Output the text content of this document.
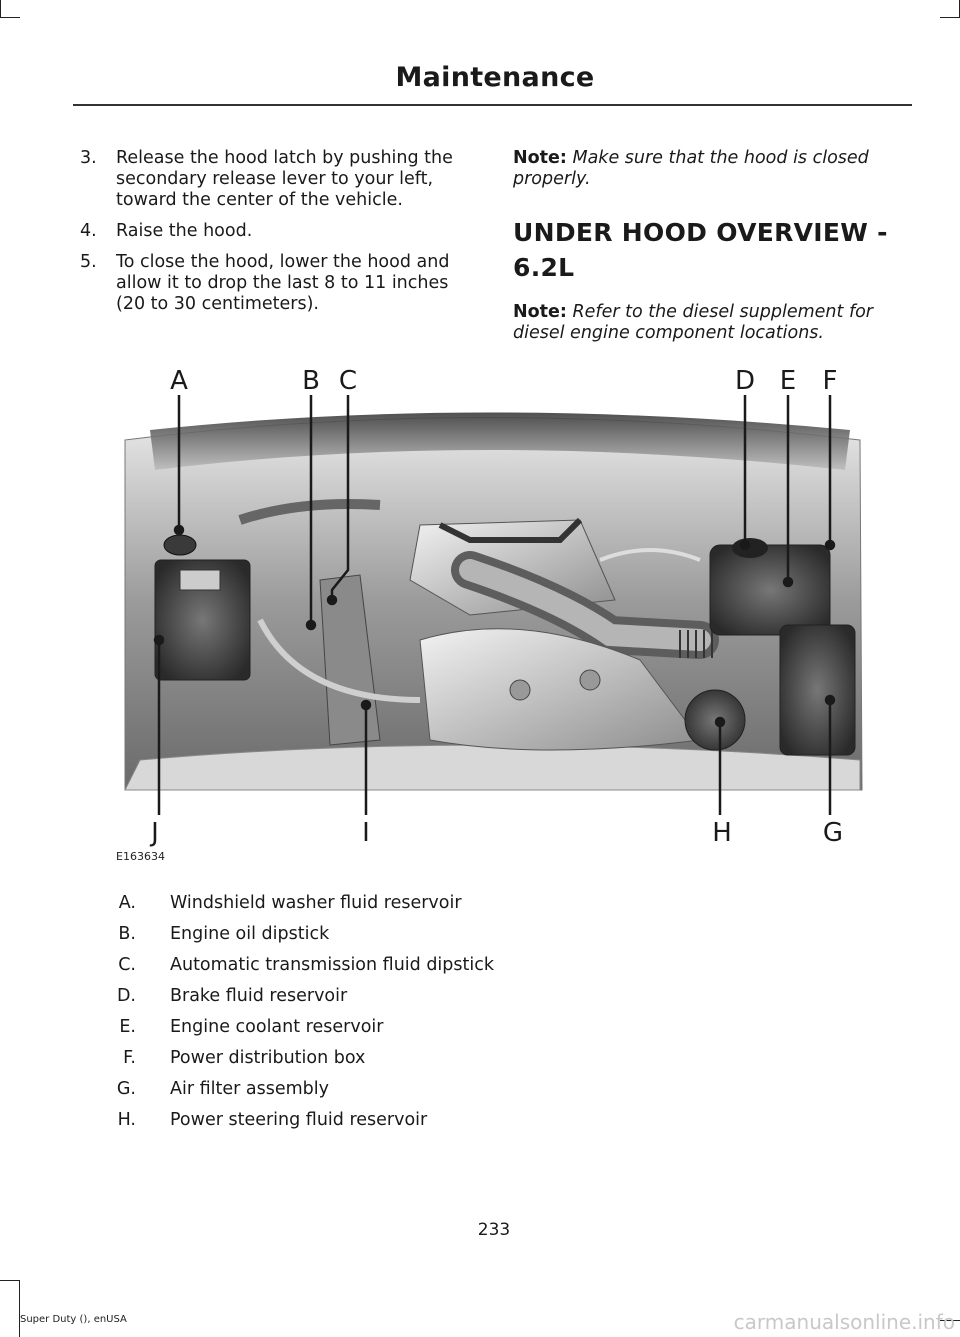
Maintenance
3.	Release the hood latch by pushing the secondary release lever to your left, toward the center of the vehicle.
4.	Raise the hood.
5.	To close the hood, lower the hood and allow it to drop the last 8 to 11 inches (20 to 30 centimeters).
Note: Make sure that the hood is closed properly.
UNDER HOOD OVERVIEW - 6.2L
Note: Refer to the diesel supplement for diesel engine component locations.
A	B C	D E F
G
H
I
J
E163634
A. Windshield washer fluid reservoir
B. Engine oil dipstick
C. Automatic transmission fluid dipstick
D. Brake fluid reservoir
E. Engine coolant reservoir
F. Power distribution box
G. Air filter assembly
H. Power steering fluid reservoir
233
Super Duty (), enUSA	carmanualsonline.info
